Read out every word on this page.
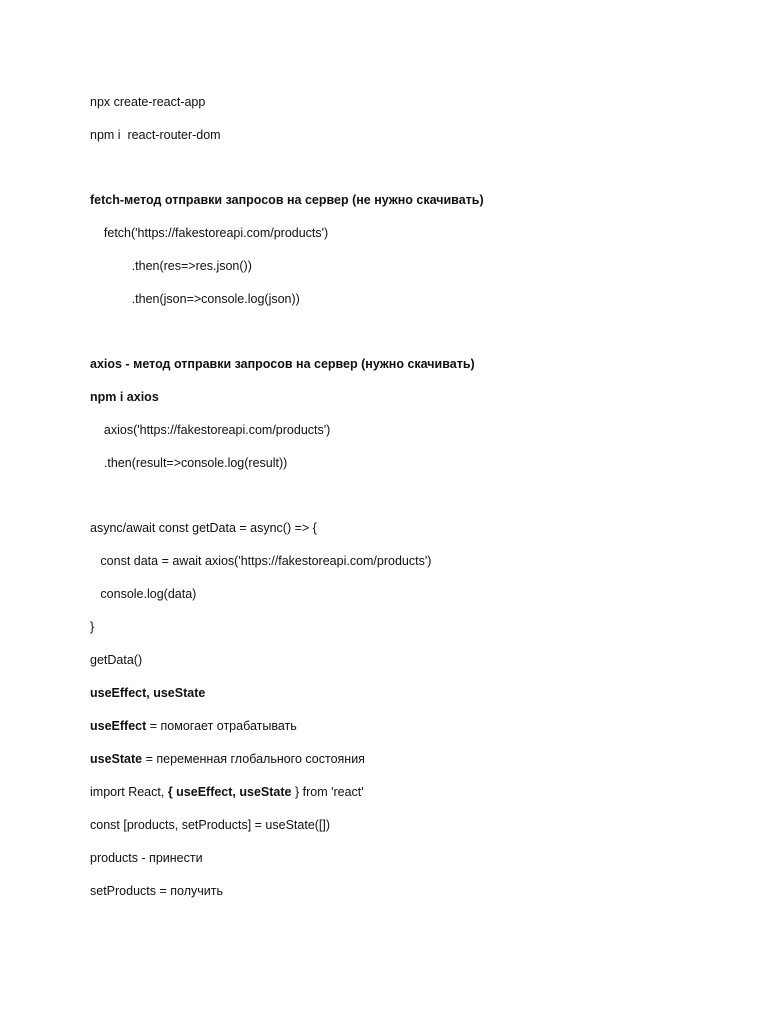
npx create-react-app
npm i  react-router-dom
fetch-метод отправки запросов на сервер (не нужно скачивать)
fetch('https://fakestoreapi.com/products')
.then(res=>res.json())
.then(json=>console.log(json))
axios - метод отправки запросов на сервер (нужно скачивать)
npm i axios
axios('https://fakestoreapi.com/products')
.then(result=>console.log(result))
async/await const getData = async() => {
const data = await axios('https://fakestoreapi.com/products')
console.log(data)
}
getData()
useEffect, useState
useEffect = помогает отрабатывать
useState = переменная глобального состояния
import React, { useEffect, useState } from 'react'
const [products, setProducts] = useState([])
products - принести
setProducts = получить
